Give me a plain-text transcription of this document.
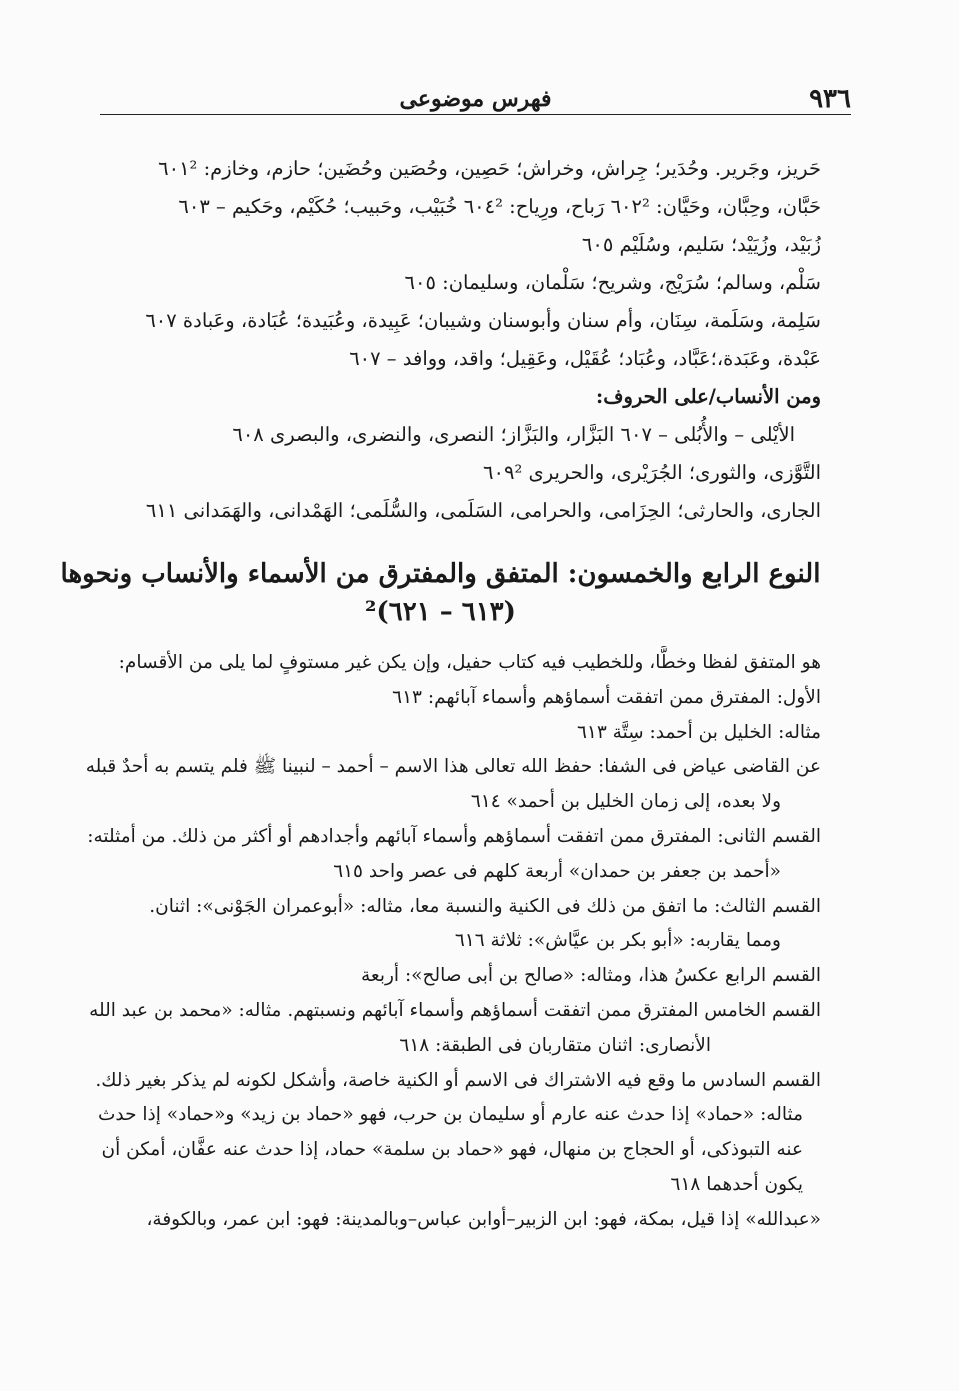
٩٣٦
فهرس موضوعى
حَريز، وجَرير. وحُدَير؛ جِراش، وخراش؛ حَصِين، وحُصَين وحُضَين؛ حازم، وخازم: ٦٠١²
حَبَّان، وحِبَّان، وحَيَّان: ٦٠٢² رَباح، ورِياح: ٦٠٤² خُبَيْب، وحَبيب؛ حُكَيْم، وحَكيم – ٦٠٣
زُبَيْد، وزُيَيْد؛ سَليم، وسُلَيْم ٦٠٥
سَلْم، وسالم؛ سُرَيْج، وشريح؛ سَلْمان، وسليمان: ٦٠٥
سَلِمة، وسَلَمة، سِنَان، وأم سنان وأبوسنان وشيبان؛ عَبِيدة، وعُبَيدة؛ عُبَادة، وعَبادة ٦٠٧
عَبْدة، وعَبَدة،؛عَبَّاد، وعُبَاد؛ عُقَيْل، وعَقِيل؛ واقد، ووافد – ٦٠٧
ومن الأنساب/على الحروف:
الأيْلى – والأُبُلى – ٦٠٧ البَزَّار، والبَزَّاز؛ النصرى، والنضرى، والبصرى ٦٠٨
التَّوَّزى، والثورى؛ الجُرَيْرى، والحريرى ٦٠٩²
الجارى، والحارثى؛ الحِزَامى، والحرامى، السَلَمى، والسُّلَمى؛ الهَمْدانى، والهَمَدانى ٦١١
النوع الرابع والخمسون: المتفق والمفترق من الأسماء والأنساب ونحوها
(٦١٣ – ٦٢١)²
هو المتفق لفظا وخطًّا، وللخطيب فيه كتاب حفيل، وإن يكن غير مستوفٍ لما يلى من الأقسام:
الأول: المفترق ممن اتفقت أسماؤهم وأسماء آبائهم: ٦١٣
مثاله: الخليل بن أحمد: سِتَّة ٦١٣
عن القاضى عياض فى الشفا: حفظ الله تعالى هذا الاسم – أحمد – لنبينا ﷺ فلم يتسم به أحدٌ قبله
ولا بعده، إلى زمان الخليل بن أحمد» ٦١٤
القسم الثانى: المفترق ممن اتفقت أسماؤهم وأسماء آبائهم وأجدادهم أو أكثر من ذلك. من أمثلته:
«أحمد بن جعفر بن حمدان» أربعة كلهم فى عصر واحد ٦١٥
القسم الثالث: ما اتفق من ذلك فى الكنية والنسبة معا، مثاله: «أبوعمران الجَوْنى»: اثنان.
ومما يقاربه: «أبو بكر بن عيَّاش»: ثلاثة ٦١٦
القسم الرابع عكسُ هذا، ومثاله: «صالح بن أبى صالح»: أربعة
القسم الخامس المفترق ممن اتفقت أسماؤهم وأسماء آبائهم ونسبتهم. مثاله: «محمد بن عبد الله
الأنصارى: اثنان متقاربان فى الطبقة: ٦١٨
القسم السادس ما وقع فيه الاشتراك فى الاسم أو الكنية خاصة، وأشكل لكونه لم يذكر بغير ذلك.
مثاله: «حماد» إذا حدث عنه عارم أو سليمان بن حرب، فهو «حماد بن زيد» و«حماد» إذا حدث
عنه التبوذكى، أو الحجاج بن منهال، فهو «حماد بن سلمة» حماد، إذا حدث عنه عفَّان، أمكن أن
يكون أحدهما ٦١٨
«عبدالله» إذا قيل، بمكة، فهو: ابن الزبير–أوابن عباس–وبالمدينة: فهو: ابن عمر، وبالكوفة،
